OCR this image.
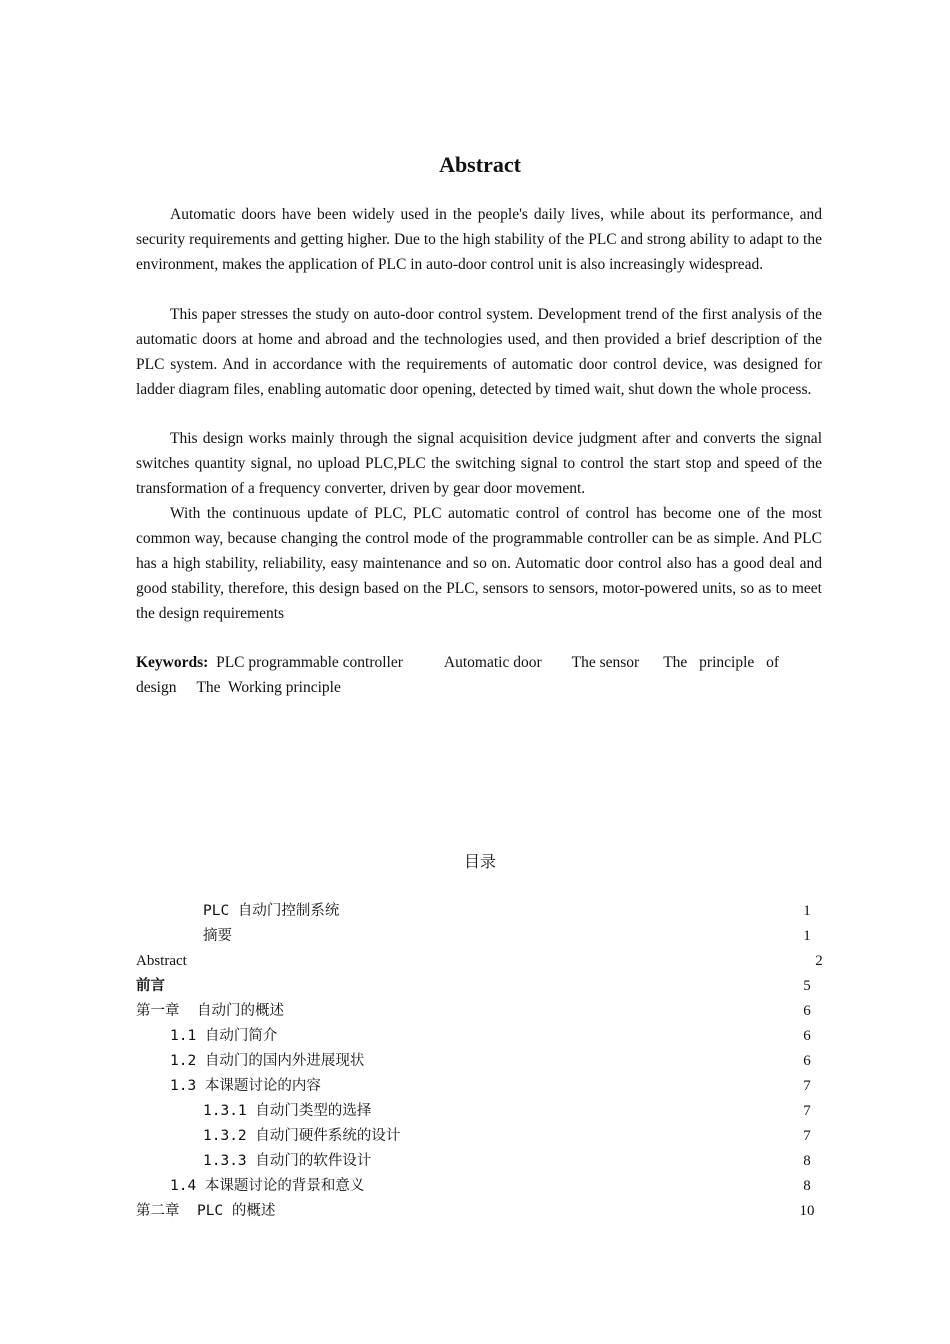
Abstract

Automatic doors have been widely used in the people's daily lives, while about its performance, and security requirements and getting higher. Due to the high stability of the PLC and strong ability to adapt to the environment, makes the application of PLC in auto-door control unit is also increasingly widespread.

This paper stresses the study on auto-door control system. Development trend of the first analysis of the automatic doors at home and abroad and the technologies used, and then provided a brief description of the PLC system. And in accordance with the requirements of automatic door control device, was designed for ladder diagram files, enabling automatic door opening, detected by timed wait, shut down the whole process.

This design works mainly through the signal acquisition device judgment after and converts the signal switches quantity signal, no upload PLC,PLC the switching signal to control the start stop and speed of the transformation of a frequency converter, driven by gear door movement.

With the continuous update of PLC, PLC automatic control of control has become one of the most common way, because changing the control mode of the programmable controller can be as simple. And PLC has a high stability, reliability, easy maintenance and so on. Automatic door control also has a good deal and good stability, therefore, this design based on the PLC, sensors to sensors, motor-powered units, so as to meet the design requirements

Keywords: PLC programmable controller	Automatic door The sensor The principle of design The  Working principle

目录
PLC 自动门控制系统	1
摘要	1
Abstract	2
前言	5
第一章  自动门的概述	6
1.1 自动门简介	6
1.2 自动门的国内外进展现状	6
1.3 本课题讨论的内容	7
1.3.1 自动门类型的选择	7
1.3.2 自动门硬件系统的设计	7
1.3.3 自动门的软件设计	8
1.4 本课题讨论的背景和意义	8
第二章  PLC 的概述	10
